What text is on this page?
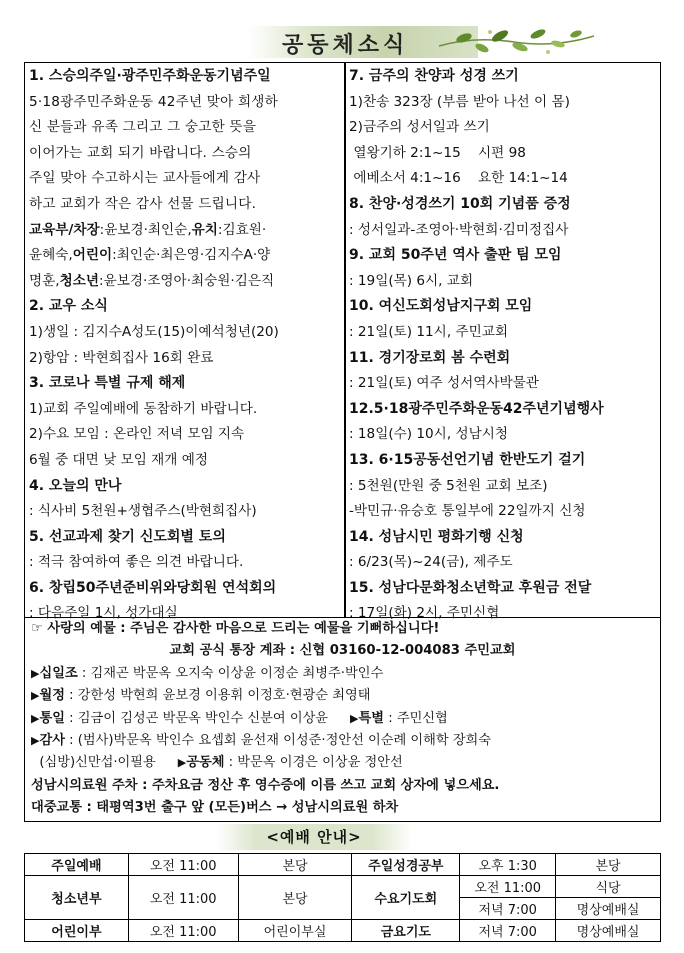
공동체소식
1. 스승의주일·광주민주화운동기념주일
5·18광주민주화운동 42주년 맞아 희생하
신 분들과 유족 그리고 그 숭고한 뜻을
이어가는 교회 되기 바랍니다. 스승의
주일 맞아 수고하시는 교사들에게 감사
하고 교회가 작은 감사 선물 드립니다.
교육부/차장:윤보경·최인순,유치:김효원·
윤혜숙,어린이:최인순·최은영·김지수A·양
명훈,청소년:윤보경·조영아·최숭원·김은직
2. 교우 소식
1)생일 : 김지수A성도(15)이예석청년(20)
2)항암 : 박현희집사 16회 완료
3. 코로나 특별 규제 해제
1)교회 주일예배에 동참하기 바랍니다.
2)수요 모임 : 온라인 저녁 모임 지속
6월 중 대면 낮 모임 재개 예정
4. 오늘의 만나
: 식사비 5천원+생협주스(박현희집사)
5. 선교과제 찾기 신도회별 토의
: 적극 참여하여 좋은 의견 바랍니다.
6. 창립50주년준비위와당회원 연석회의
: 다음주일 1시, 성가대실
7. 금주의 찬양과 성경 쓰기
1)찬송 323장 (부름 받아 나선 이 몸)
2)금주의 성서일과 쓰기
열왕기하 2:1~15    시편 98
에베소서 4:1~16    요한 14:1~14
8. 찬양·성경쓰기 10회 기념품 증정
: 성서일과-조영아·박현희·김미정집사
9. 교회 50주년 역사 출판 팀 모임
: 19일(목) 6시, 교회
10. 여신도회성남지구회 모임
: 21일(토) 11시, 주민교회
11. 경기장로회 봄 수련회
: 21일(토) 여주 성서역사박물관
12.5·18광주민주화운동42주년기념행사
: 18일(수) 10시, 성남시청
13. 6·15공동선언기념 한반도기 걸기
: 5천원(만원 중 5천원 교회 보조)
-박민규·유승호 통일부에 22일까지 신청
14. 성남시민 평화기행 신청
: 6/23(목)~24(금), 제주도
15. 성남다문화청소년학교 후원금 전달
: 17일(화) 2시, 주민신협
☞ 사랑의 예물 : 주님은 감사한 마음으로 드리는 예물을 기뻐하십니다!
교회 공식 통장 계좌 : 신협 03160-12-004083 주민교회
▶십일조 : 김재곤 박문옥 오지숙 이상윤 이정순 최병주·박인수
▶월정 : 강한성 박현희 윤보경 이용휘 이정호·현광순 최영태
▶통일 : 김금이 김성곤 박문옥 박인수 신분여 이상윤 ▶특별 : 주민신협
▶감사 : (범사)박문옥 박인수 요셉회 윤선재 이성준·정안선 이순례 이해학 장희숙
(심방)신만섭·이필용 ▶공동체 : 박문옥 이경은 이상윤 정안선
성남시의료원 주차 : 주차요금 정산 후 영수증에 이름 쓰고 교회 상자에 넣으세요.
대중교통 : 태평역3번 출구 앞 (모든)버스 → 성남시의료원 하차
<예배 안내>
주일예배	오전 11:00	본당	주일성경공부	오후 1:30	본당
청소년부	오전 11:00	본당	수요기도회	오전 11:00	식당
				저녁 7:00	명상예배실
어린이부	오전 11:00	어린이부실	금요기도	저녁 7:00	명상예배실
